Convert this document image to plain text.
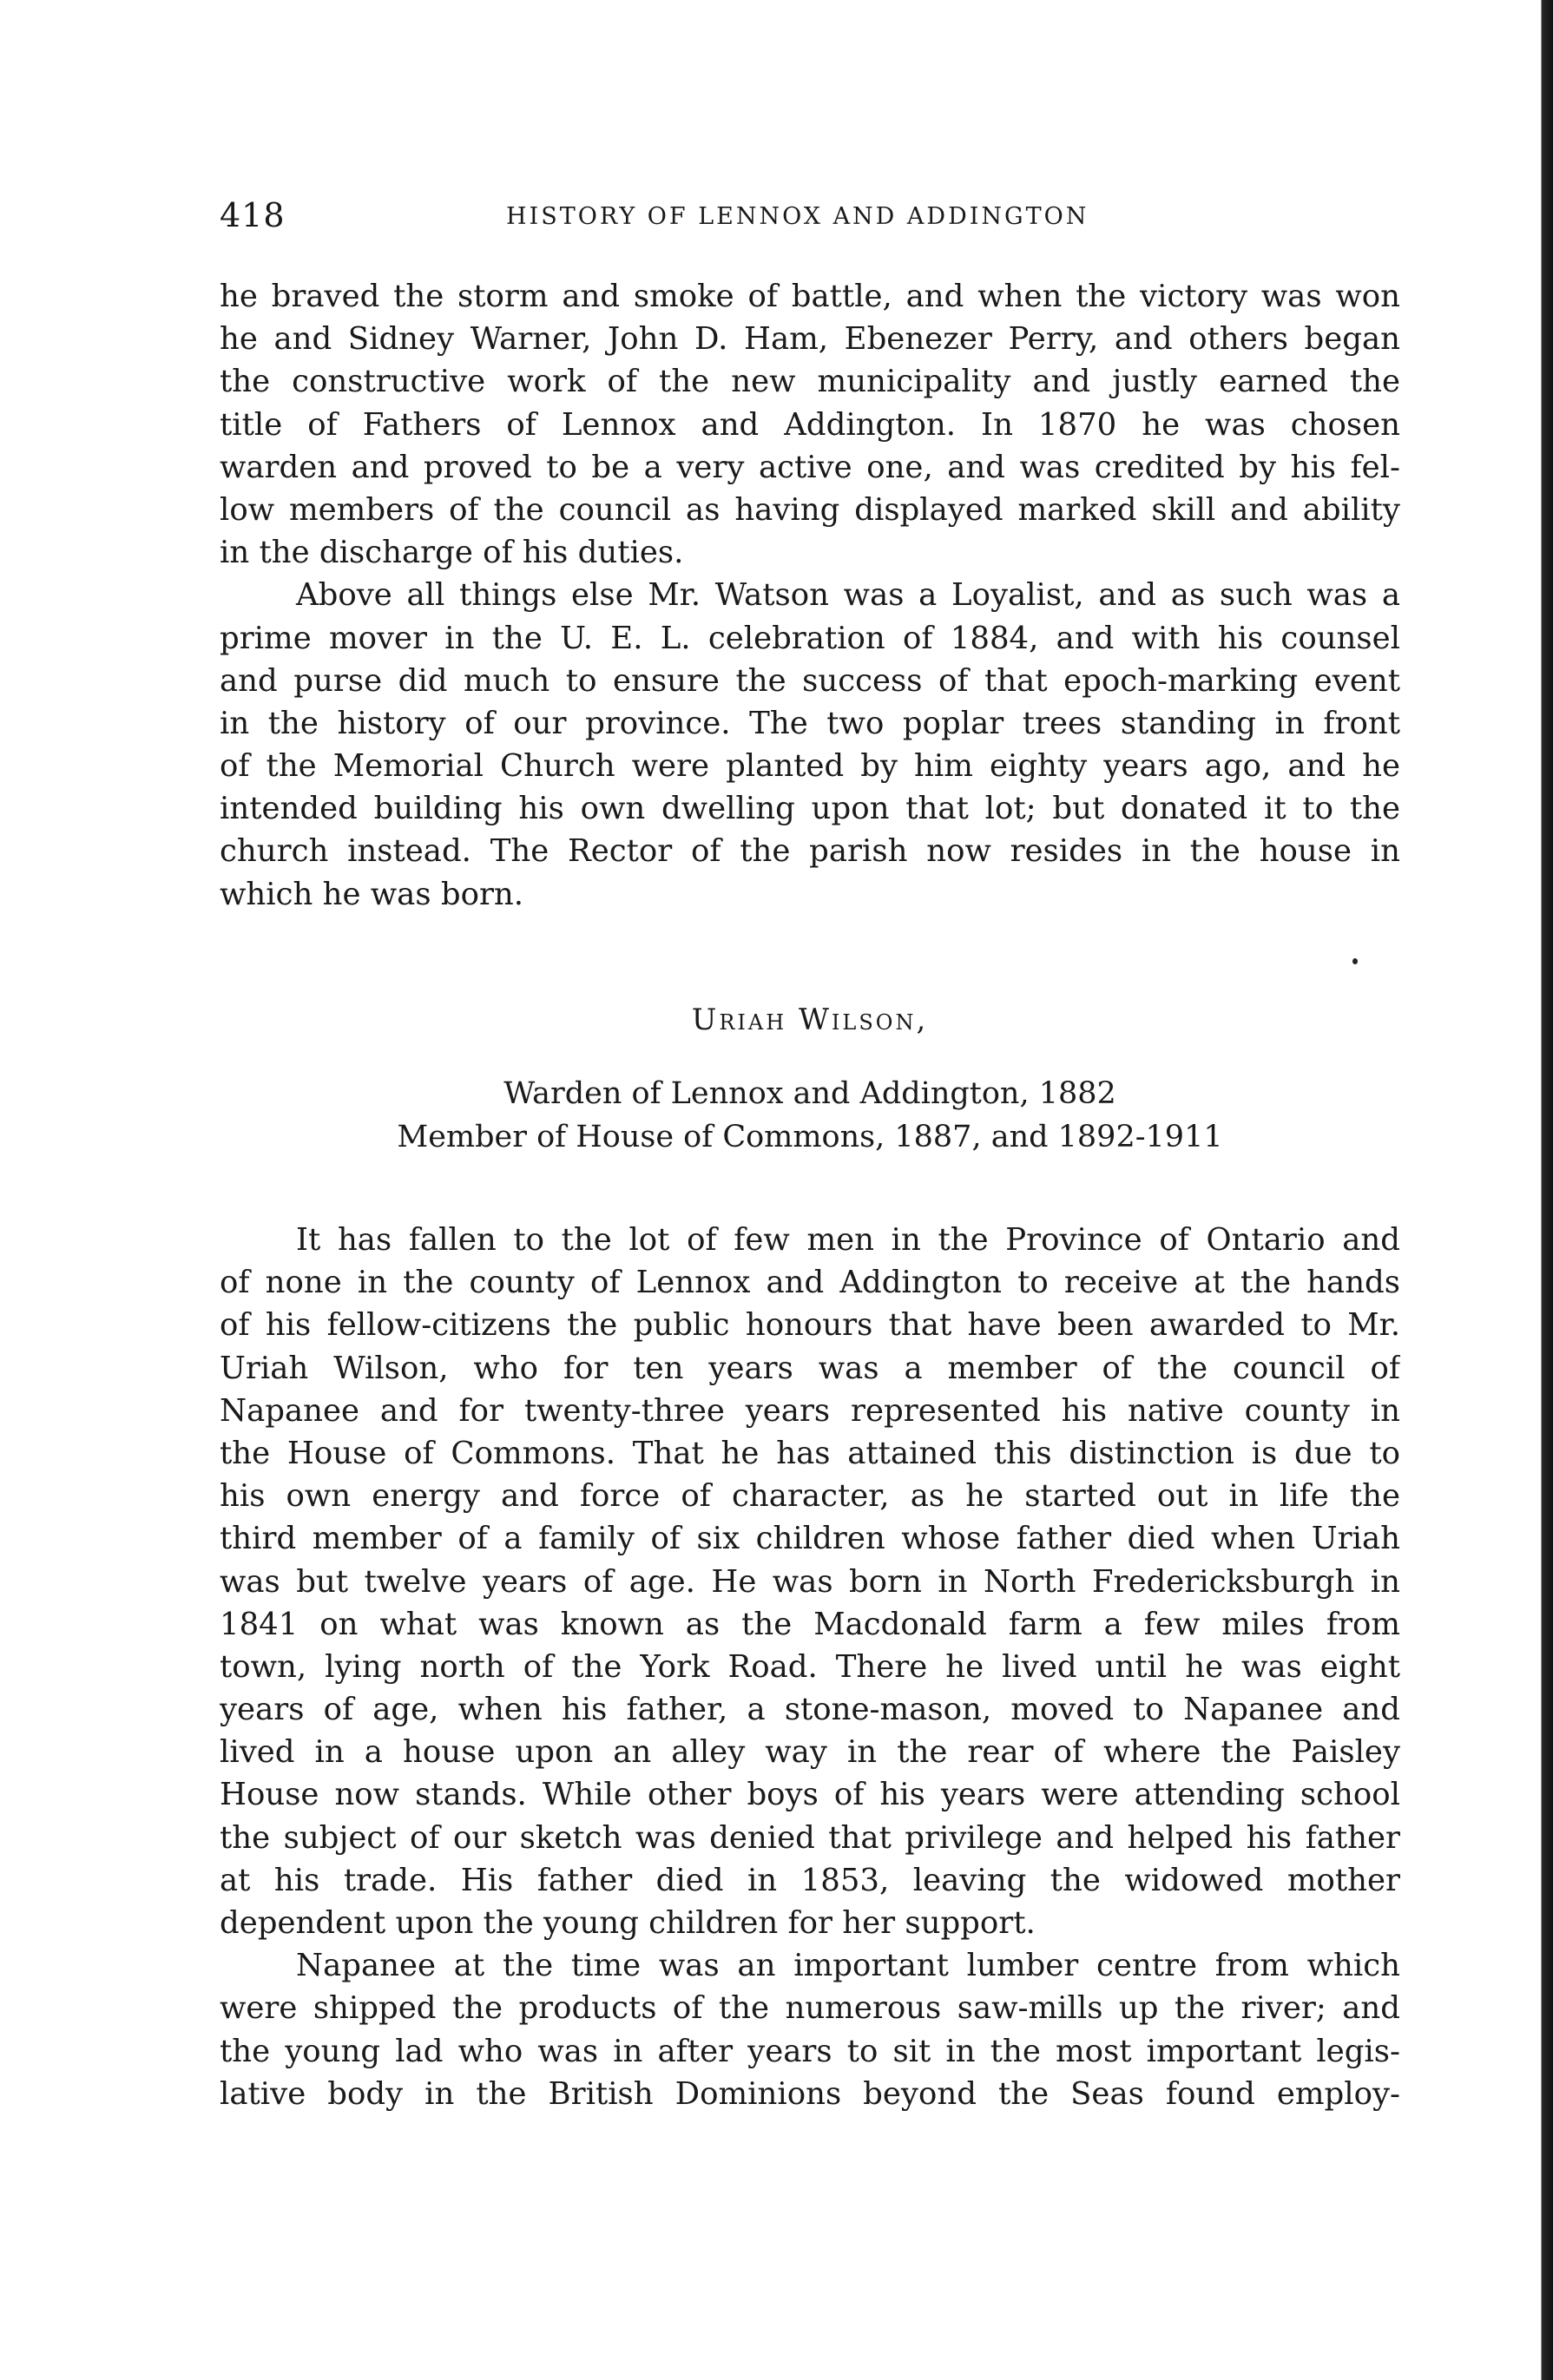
418	HISTORY OF LENNOX AND ADDINGTON
he braved the storm and smoke of battle, and when the victory was won
he and Sidney Warner, John D. Ham, Ebenezer Perry, and others began
the constructive work of the new municipality and justly earned the
title of Fathers of Lennox and Addington. In 1870 he was chosen
warden and proved to be a very active one, and was credited by his fel-
low members of the council as having displayed marked skill and ability
in the discharge of his duties.
Above all things else Mr. Watson was a Loyalist, and as such was a
prime mover in the U. E. L. celebration of 1884, and with his counsel
and purse did much to ensure the success of that epoch-marking event
in the history of our province. The two poplar trees standing in front
of the Memorial Church were planted by him eighty years ago, and he
intended building his own dwelling upon that lot; but donated it to the
church instead. The Rector of the parish now resides in the house in
which he was born.
Uriah Wilson,
Warden of Lennox and Addington, 1882
Member of House of Commons, 1887, and 1892-1911
It has fallen to the lot of few men in the Province of Ontario and
of none in the county of Lennox and Addington to receive at the hands
of his fellow-citizens the public honours that have been awarded to Mr.
Uriah Wilson, who for ten years was a member of the council of
Napanee and for twenty-three years represented his native county in
the House of Commons. That he has attained this distinction is due to
his own energy and force of character, as he started out in life the
third member of a family of six children whose father died when Uriah
was but twelve years of age. He was born in North Fredericksburgh in
1841 on what was known as the Macdonald farm a few miles from
town, lying north of the York Road. There he lived until he was eight
years of age, when his father, a stone-mason, moved to Napanee and
lived in a house upon an alley way in the rear of where the Paisley
House now stands. While other boys of his years were attending school
the subject of our sketch was denied that privilege and helped his father
at his trade. His father died in 1853, leaving the widowed mother
dependent upon the young children for her support.
Napanee at the time was an important lumber centre from which
were shipped the products of the numerous saw-mills up the river; and
the young lad who was in after years to sit in the most important legis-
lative body in the British Dominions beyond the Seas found employ-
